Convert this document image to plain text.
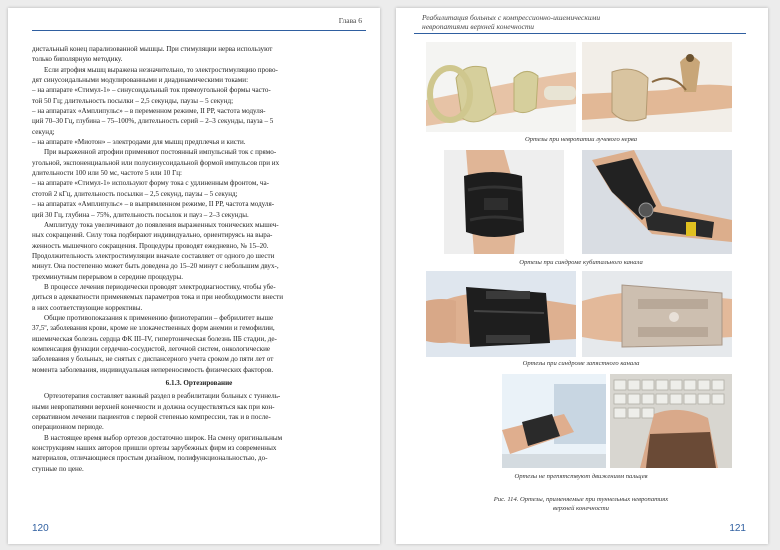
Глава 6

дистальный конец парализованной мышцы. При стимуляции нерва используют

только биполярную методику.

Если атрофия мышц выражена незначительно, то электростимуляцию прово-

дят синусоидальными модулированными и диадинамическими токами:

– на аппарате «Стимул-1» – синусоидальный ток прямоугольной формы часто-

той 50 Гц; длительность посылки – 2,5 секунды, паузы – 5 секунд;

– на аппаратах «Амплипульс» – в переменном режиме, II РР, частота модуля-

ций 70–30 Гц, глубина – 75–100%, длительность серий – 2–3 секунды, пауза – 5

секунд;

– на аппарате «Миотон» – электродами для мышц предплечья и кисти.

При выраженной атрофии применяют постоянный импульсный ток с прямо-

угольной, экспоненциальной или полусинусоидальной формой импульсов при их

длительности 100 или 50 мс, частоте 5 или 10 Гц:

– на аппарате «Стимул-1» используют форму тока с удлиненным фронтом, ча-

стотой 2 кГц, длительность посылки – 2,5 секунд, паузы – 5 секунд;

– на аппаратах «Амплипульс» – в выпрямленном режиме, II РР, частота модуля-

ций 30 Гц, глубина – 75%, длительность посылок и пауз – 2–3 секунды.

Амплитуду тока увеличивают до появления выраженных тонических мышеч-

ных сокращений. Силу тока подбирают индивидуально, ориентируясь на выра-

женность мышечного сокращения. Процедуры проводят ежедневно, № 15–20.

Продолжительность электростимуляции вначале составляет от одного до шести

минут. Она постепенно может быть доведена до 15–20 минут с небольшим двух-,

трехминутным перерывом в середине процедуры.

В процессе лечения периодически проводят электродиагностику, чтобы убе-

диться в адекватности применяемых параметров тока и при необходимости внести

в них соответствующие коррективы.

Общие противопоказания к применению физиотерапии – фебрилитет выше

37,5º, заболевания крови, кроме не злокачественных форм анемии и гемофилии,

ишемическая болезнь сердца ФК III–IV, гипертоническая болезнь IIБ стадии, де-

компенсация функции сердечно-сосудистой, легочной систем, онкологические

заболевания у больных, не снятых с диспансерного учета сроком до пяти лет от

момента заболевания, индивидуальная непереносимость физических факторов.

6.1.3. Ортезирование

Ортезотерапия составляет важный раздел в реабилитации больных с туннель-

ными невропатиями верхней конечности и должна осуществляться как при кон-

сервативном лечении пациентов с первой степенью компрессии, так и в после-

операционном периоде.

В настоящее время выбор ортезов достаточно широк. На смену оригинальным

конструкциям наших авторов пришли ортезы зарубежных фирм из современных

материалов, отличающиеся простым дизайном, полифункциональностью, до-

ступные по цене.

120
Реабилитация больных с компрессионно-ишемическими
невропатиями верхней конечности
Ортезы при невропатии лучевого нерва
Ортезы при синдроме кубитального канала
Ортезы при синдроме запястного канала
Ортезы не препятствуют движениям пальцев
Рис. 114. Ортезы, применяемые при туннельных невропатиях
верхней конечности
121
